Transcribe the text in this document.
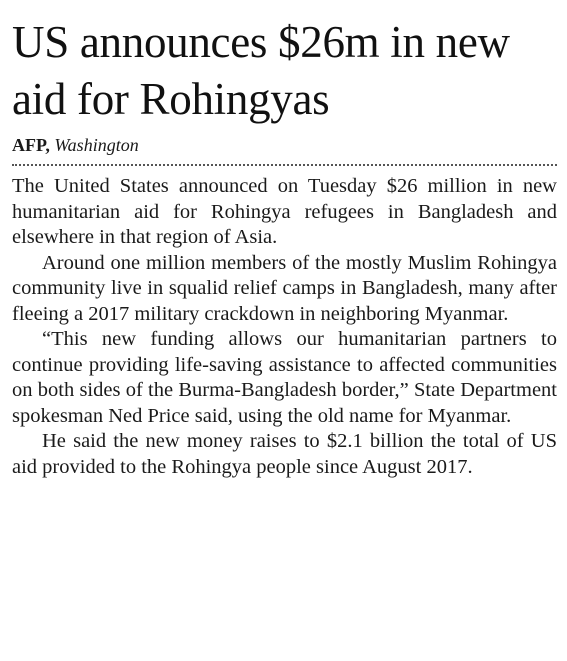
US announces $26m in new aid for Rohingyas
AFP, Washington

The United States announced on Tuesday $26 million in new humanitarian aid for Rohingya refugees in Bangladesh and elsewhere in that region of Asia.

Around one million members of the mostly Muslim Rohingya community live in squalid relief camps in Bangladesh, many after fleeing a 2017 military crackdown in neighboring Myanmar.

“This new funding allows our humanitarian partners to continue providing life-saving assistance to affected communities on both sides of the Burma-Bangladesh border,” State Department spokesman Ned Price said, using the old name for Myanmar.

He said the new money raises to $2.1 billion the total of US aid provided to the Rohingya people since August 2017.
